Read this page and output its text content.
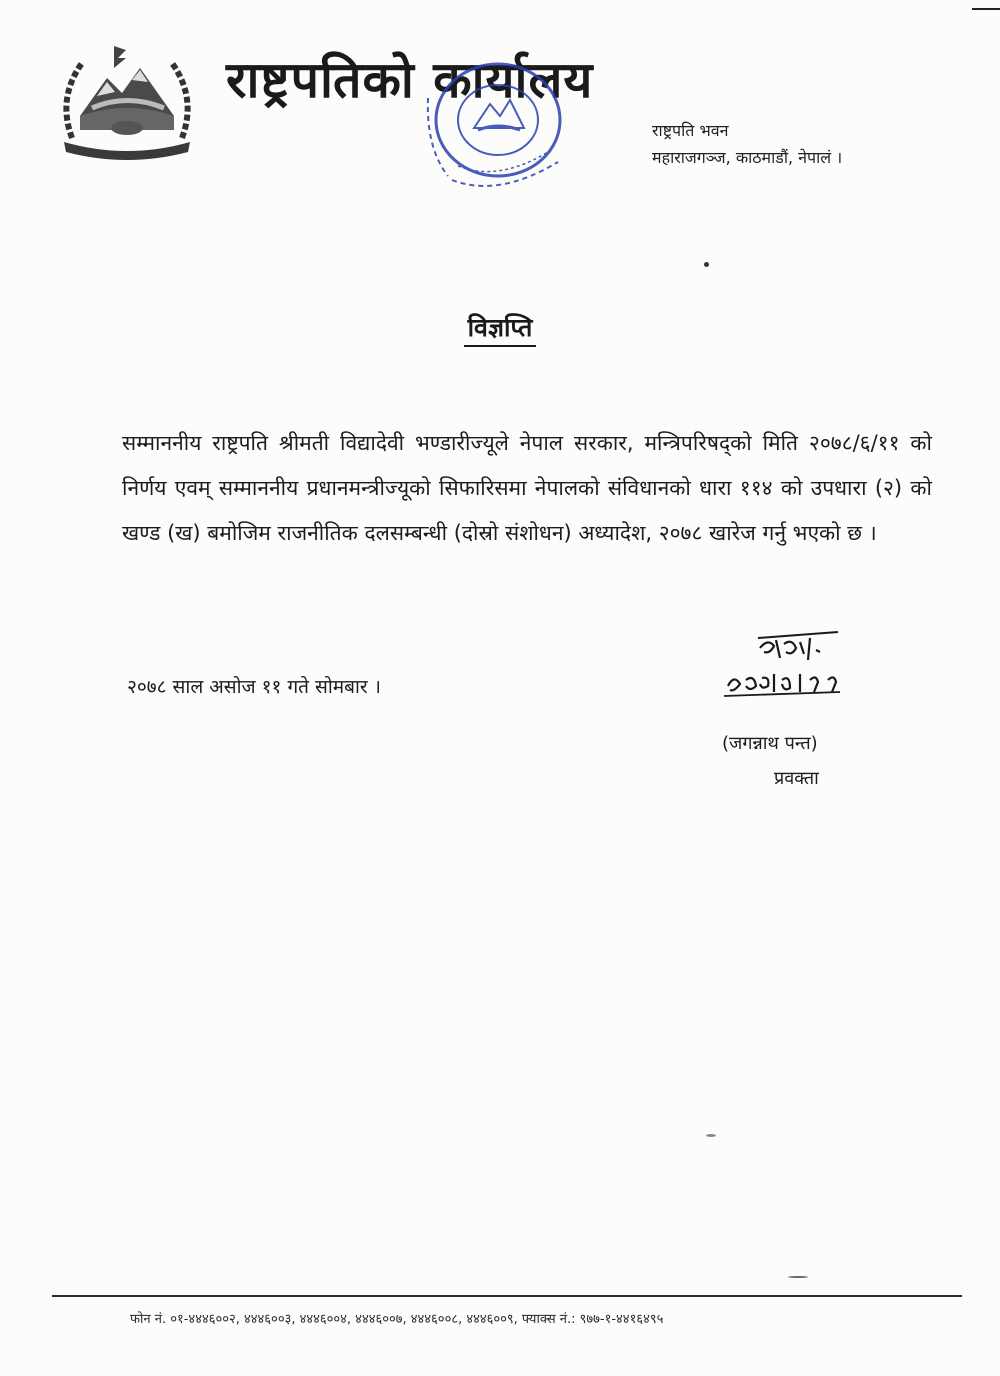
राष्ट्रपतिको कार्यालय
राष्ट्रपति भवन
महाराजगञ्ज, काठमाडौं, नेपालं ।
विज्ञप्ति

सम्माननीय राष्ट्रपति श्रीमती विद्यादेवी भण्डारीज्यूले नेपाल सरकार, मन्त्रिपरिषद्को मिति २०७८/६/११ को निर्णय एवम् सम्माननीय प्रधानमन्त्रीज्यूको सिफारिसमा नेपालको संविधानको धारा ११४ को उपधारा (२) को खण्ड (ख) बमोजिम राजनीतिक दलसम्बन्धी (दोस्रो संशोधन) अध्यादेश, २०७८ खारेज गर्नु भएको छ ।

२०७८ साल असोज ११ गते सोमबार ।
(जगन्नाथ पन्त)
प्रवक्ता
फोन नं. ०१-४४४६००२, ४४४६००३, ४४४६००४, ४४४६००७, ४४४६००८, ४४४६००९, फ्याक्स नं.: ९७७-१-४४१६४९५
